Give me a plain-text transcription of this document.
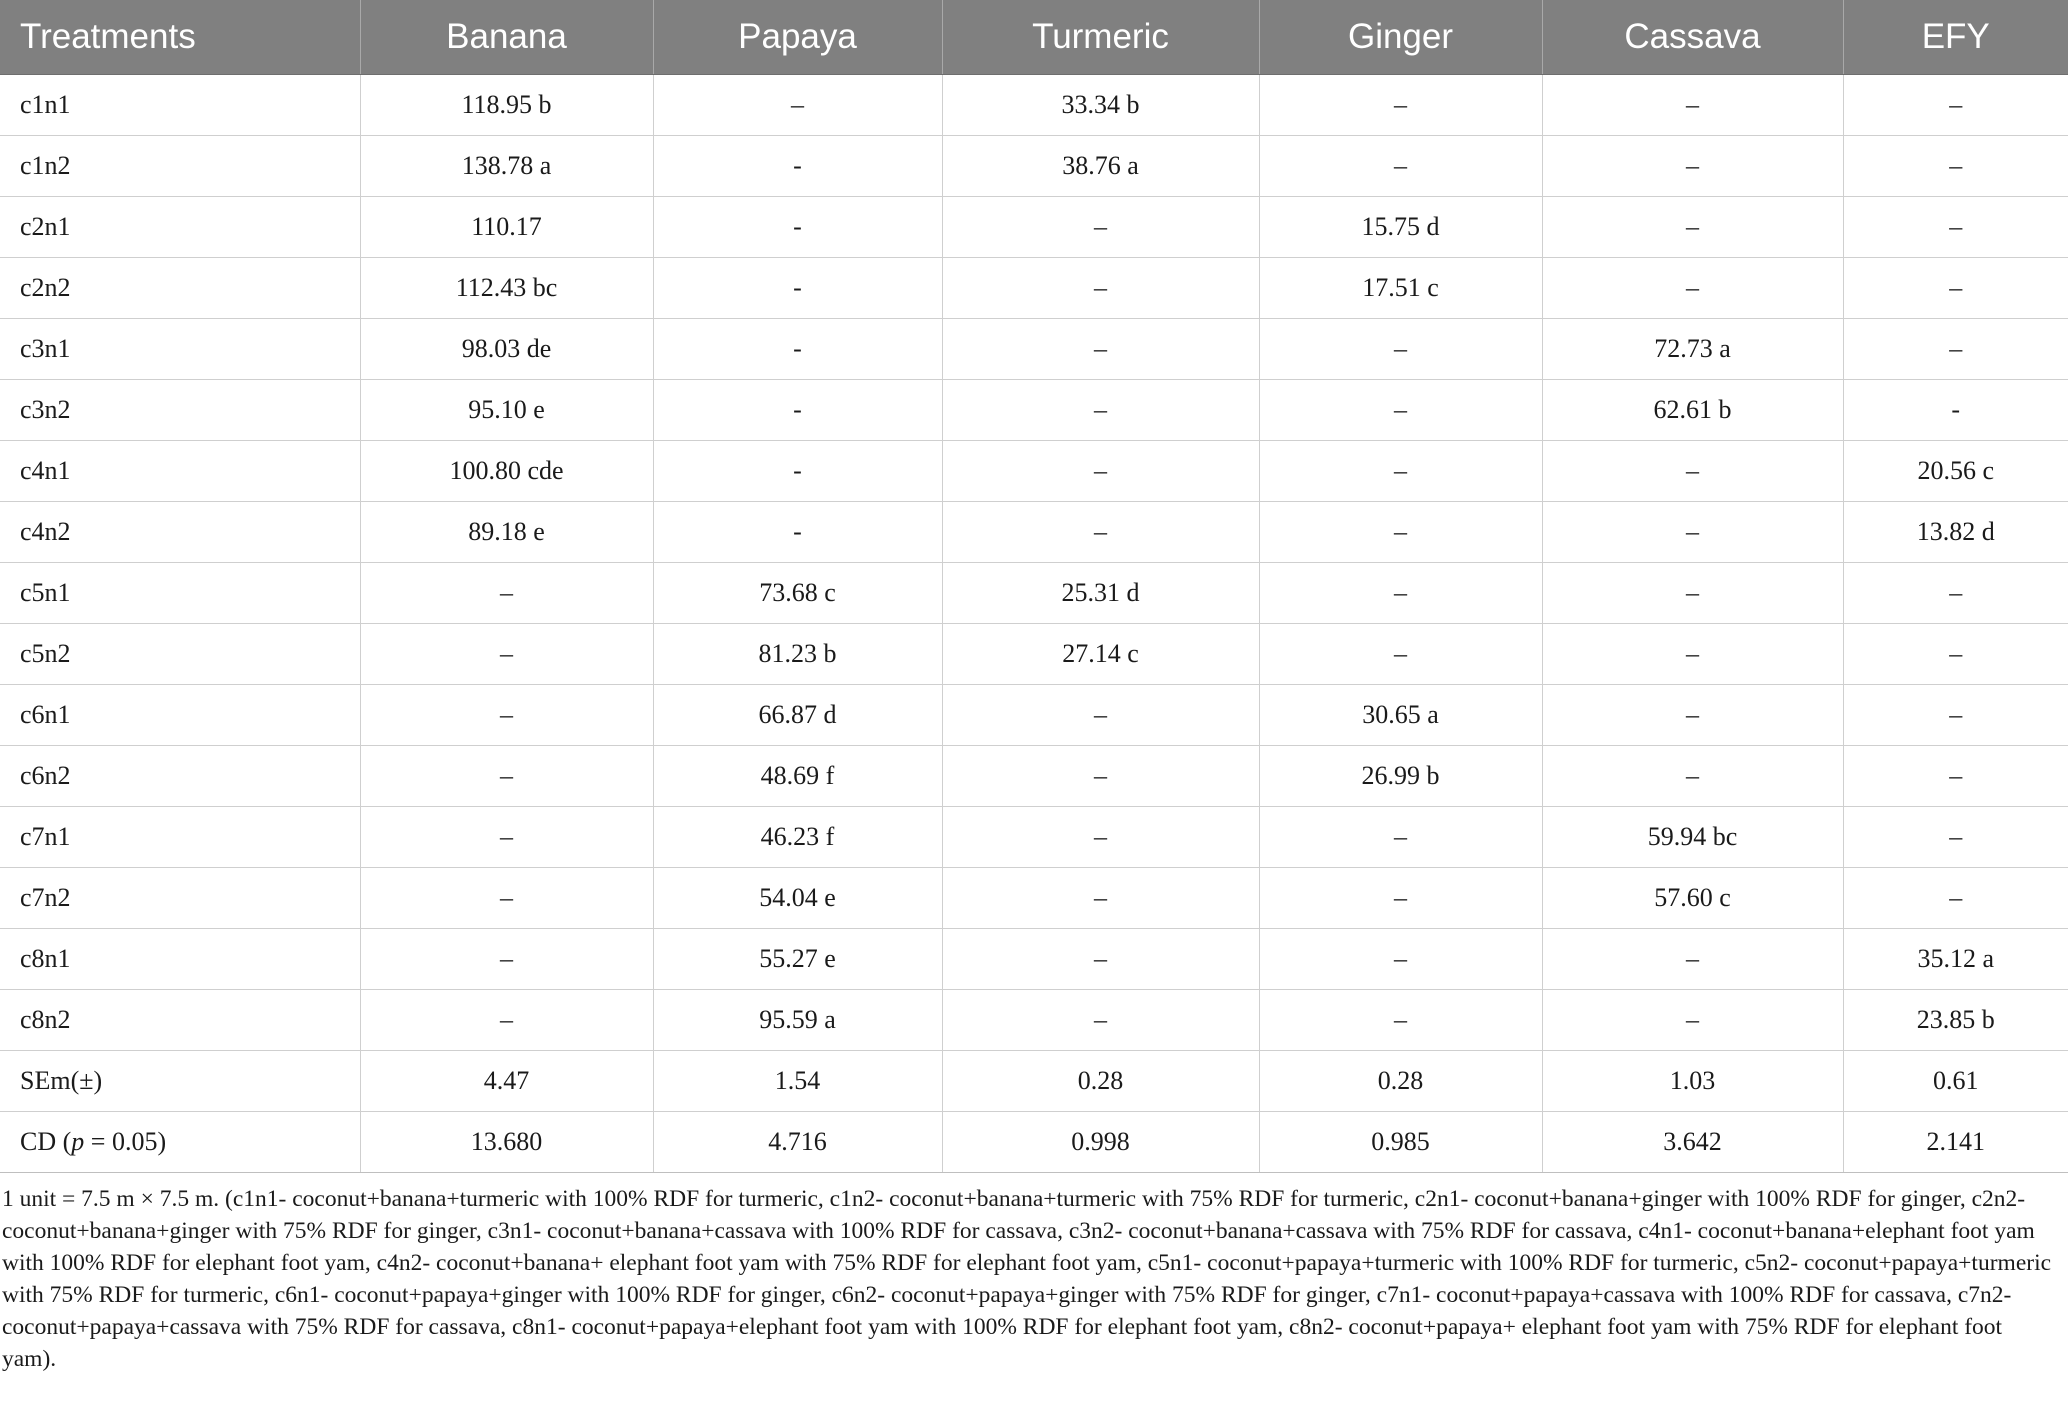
Treatments	Banana	Papaya	Turmeric	Ginger	Cassava	EFY
c1n1	118.95 b	–	33.34 b	–	–	–
c1n2	138.78 a	-	38.76 a	–	–	–
c2n1	110.17	-	–	15.75 d	–	–
c2n2	112.43 bc	-	–	17.51 c	–	–
c3n1	98.03 de	-	–	–	72.73 a	–
c3n2	95.10 e	-	–	–	62.61 b	-
c4n1	100.80 cde	-	–	–	–	20.56 c
c4n2	89.18 e	-	–	–	–	13.82 d
c5n1	–	73.68 c	25.31 d	–	–	–
c5n2	–	81.23 b	27.14 c	–	–	–
c6n1	–	66.87 d	–	30.65 a	–	–
c6n2	–	48.69 f	–	26.99 b	–	–
c7n1	–	46.23 f	–	–	59.94 bc	–
c7n2	–	54.04 e	–	–	57.60 c	–
c8n1	–	55.27 e	–	–	–	35.12 a
c8n2	–	95.59 a	–	–	–	23.85 b
SEm(±)	4.47	1.54	0.28	0.28	1.03	0.61
CD (p = 0.05)	13.680	4.716	0.998	0.985	3.642	2.141
1 unit = 7.5 m × 7.5 m. (c1n1- coconut+banana+turmeric with 100% RDF for turmeric, c1n2- coconut+banana+turmeric with 75% RDF for turmeric, c2n1- coconut+banana+ginger with 100% RDF for ginger, c2n2- coconut+banana+ginger with 75% RDF for ginger, c3n1- coconut+banana+cassava with 100% RDF for cassava, c3n2- coconut+banana+cassava with 75% RDF for cassava, c4n1- coconut+banana+elephant foot yam with 100% RDF for elephant foot yam, c4n2- coconut+banana+ elephant foot yam with 75% RDF for elephant foot yam, c5n1- coconut+papaya+turmeric with 100% RDF for turmeric, c5n2- coconut+papaya+turmeric with 75% RDF for turmeric, c6n1- coconut+papaya+ginger with 100% RDF for ginger, c6n2- coconut+papaya+ginger with 75% RDF for ginger, c7n1- coconut+papaya+cassava with 100% RDF for cassava, c7n2- coconut+papaya+cassava with 75% RDF for cassava, c8n1- coconut+papaya+elephant foot yam with 100% RDF for elephant foot yam, c8n2- coconut+papaya+ elephant foot yam with 75% RDF for elephant foot yam).
